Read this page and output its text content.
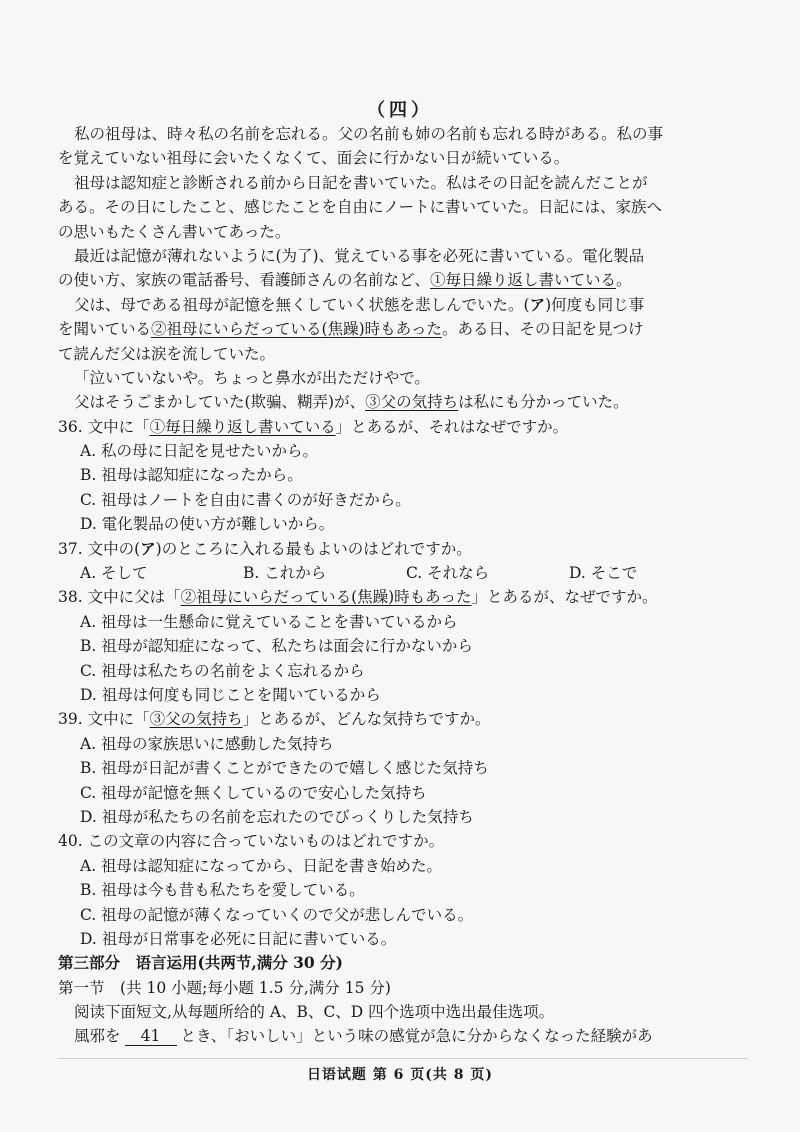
（四）
私の祖母は、時々私の名前を忘れる。父の名前も姉の名前も忘れる時がある。私の事
を覚えていない祖母に会いたくなくて、面会に行かない日が続いている。
祖母は認知症と診断される前から日記を書いていた。私はその日記を読んだことが
ある。その日にしたこと、感じたことを自由にノートに書いていた。日記には、家族へ
の思いもたくさん書いてあった。
最近は記憶が薄れないように(为了)、覚えている事を必死に書いている。電化製品
の使い方、家族の電話番号、看護師さんの名前など、①毎日繰り返し書いている。
父は、母である祖母が記憶を無くしていく状態を悲しんでいた。(ア)何度も同じ事
を聞いている②祖母にいらだっている(焦躁)時もあった。ある日、その日記を見つけ
て読んだ父は涙を流していた。
「泣いていないや。ちょっと鼻水が出ただけやで。
父はそうごまかしていた(欺骗、糊弄)が、③父の気持ちは私にも分かっていた。
36. 文中に「①毎日繰り返し書いている」とあるが、それはなぜですか。
A. 私の母に日記を見せたいから。
B. 祖母は認知症になったから。
C. 祖母はノートを自由に書くのが好きだから。
D. 電化製品の使い方が難しいから。
37. 文中の(ア)のところに入れる最もよいのはどれですか。
A. そして	B. これから	C. それなら	D. そこで
38. 文中に父は「②祖母にいらだっている(焦躁)時もあった」とあるが、なぜですか。
A. 祖母は一生懸命に覚えていることを書いているから
B. 祖母が認知症になって、私たちは面会に行かないから
C. 祖母は私たちの名前をよく忘れるから
D. 祖母は何度も同じことを聞いているから
39. 文中に「③父の気持ち」とあるが、どんな気持ちですか。
A. 祖母の家族思いに感動した気持ち
B. 祖母が日記が書くことができたので嬉しく感じた気持ち
C. 祖母が記憶を無くしているので安心した気持ち
D. 祖母が私たちの名前を忘れたのでびっくりした気持ち
40. この文章の内容に合っていないものはどれですか。
A. 祖母は認知症になってから、日記を書き始めた。
B. 祖母は今も昔も私たちを愛している。
C. 祖母の記憶が薄くなっていくので父が悲しんでいる。
D. 祖母が日常事を必死に日記に書いている。
第三部分　语言运用(共两节,满分 30 分)
第一节　(共 10 小题;每小题 1.5 分,满分 15 分)
阅读下面短文,从每题所给的 A、B、C、D 四个选项中选出最佳选项。
風邪を 41 とき、「おいしい」という味の感覚が急に分からなくなった経験があ
日语试题 第 6 页(共 8 页)
